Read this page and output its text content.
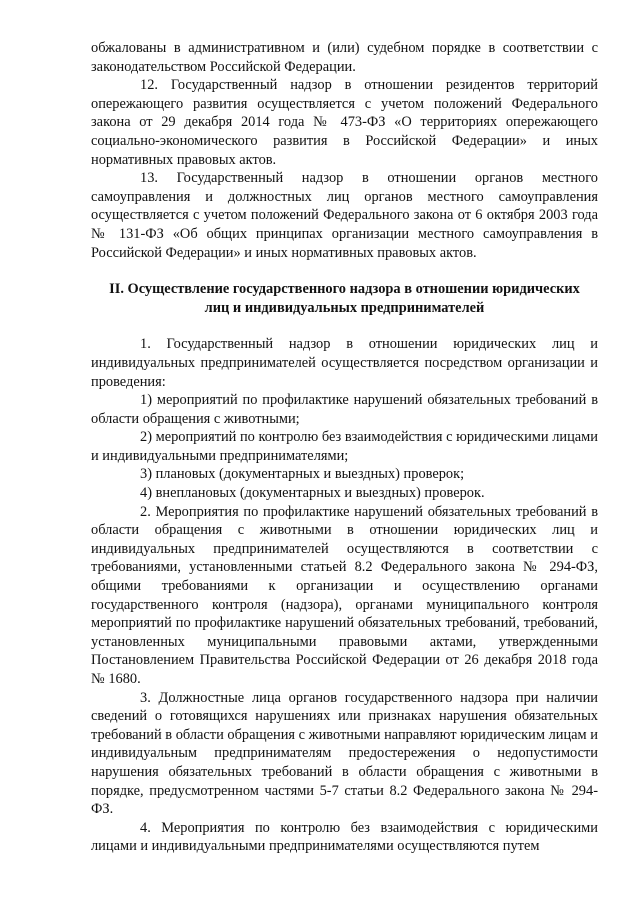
обжалованы в административном и (или) судебном порядке в соответствии с законодательством Российской Федерации.

12. Государственный надзор в отношении резидентов территорий опережающего развития осуществляется с учетом положений Федерального закона от 29 декабря 2014 года № 473-ФЗ «О территориях опережающего социально-экономического развития в Российской Федерации» и иных нормативных правовых актов.

13. Государственный надзор в отношении органов местного самоуправления и должностных лиц органов местного самоуправления осуществляется с учетом положений Федерального закона от 6 октября 2003 года № 131-ФЗ «Об общих принципах организации местного самоуправления в Российской Федерации» и иных нормативных правовых актов.

II. Осуществление государственного надзора в отношении юридических
лиц и индивидуальных предпринимателей

1. Государственный надзор в отношении юридических лиц и индивидуальных предпринимателей осуществляется посредством организации и проведения:

1) мероприятий по профилактике нарушений обязательных требований в области обращения с животными;

2) мероприятий по контролю без взаимодействия с юридическими лицами и индивидуальными предпринимателями;

3) плановых (документарных и выездных) проверок;

4) внеплановых (документарных и выездных) проверок.

2. Мероприятия по профилактике нарушений обязательных требований в области обращения с животными в отношении юридических лиц и индивидуальных предпринимателей осуществляются в соответствии с требованиями, установленными статьей 8.2 Федерального закона № 294-ФЗ, общими требованиями к организации и осуществлению органами государственного контроля (надзора), органами муниципального контроля мероприятий по профилактике нарушений обязательных требований, требований, установленных муниципальными правовыми актами, утвержденными Постановлением Правительства Российской Федерации от 26 декабря 2018 года № 1680.

3. Должностные лица органов государственного надзора при наличии сведений о готовящихся нарушениях или признаках нарушения обязательных требований в области обращения с животными направляют юридическим лицам и индивидуальным предпринимателям предостережения о недопустимости нарушения обязательных требований в области обращения с животными в порядке, предусмотренном частями 5-7 статьи 8.2 Федерального закона № 294-ФЗ.

4. Мероприятия по контролю без взаимодействия с юридическими лицами и индивидуальными предпринимателями осуществляются путем
